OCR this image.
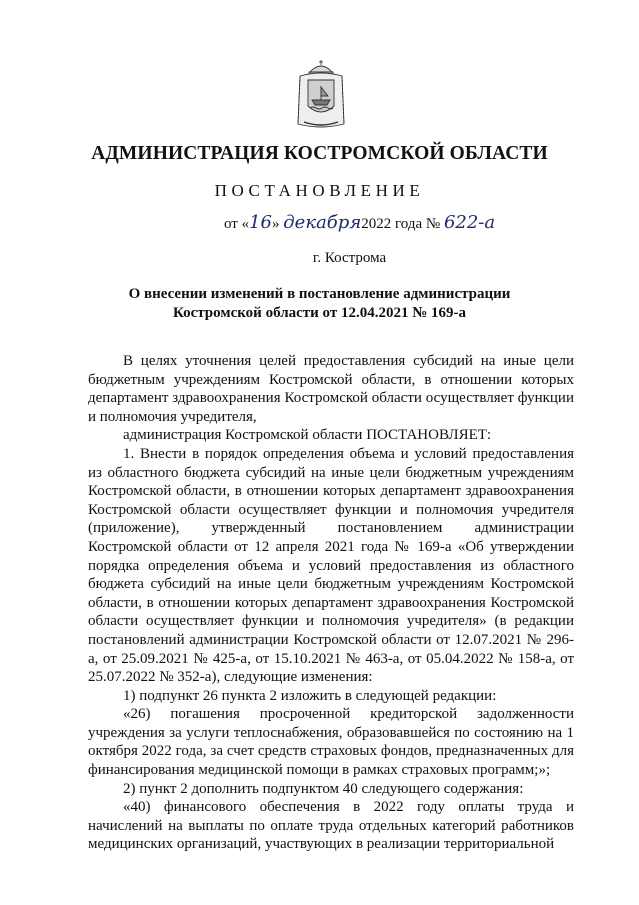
АДМИНИСТРАЦИЯ КОСТРОМСКОЙ ОБЛАСТИ
ПОСТАНОВЛЕНИЕ
от «16» декабря2022 года № 622-а
г. Кострома
О внесении изменений в постановление администрации
Костромской области от 12.04.2021 № 169-а

В целях уточнения целей предоставления субсидий на иные цели бюджетным учреждениям Костромской области, в отношении которых департамент здравоохранения Костромской области осуществляет функции и полномочия учредителя,

администрация Костромской области ПОСТАНОВЛЯЕТ:

1. Внести в порядок определения объема и условий предоставления из областного бюджета субсидий на иные цели бюджетным учреждениям Костромской области, в отношении которых департамент здравоохранения Костромской области осуществляет функции и полномочия учредителя (приложение), утвержденный постановлением администрации Костромской области от 12 апреля 2021 года № 169-а «Об утверждении порядка определения объема и условий предоставления из областного бюджета субсидий на иные цели бюджетным учреждениям Костромской области, в отношении которых департамент здравоохранения Костромской области осуществляет функции и полномочия учредителя» (в редакции постановлений администрации Костромской области от 12.07.2021 № 296-а, от 25.09.2021 № 425-а, от 15.10.2021 № 463-а, от 05.04.2022 № 158-а, от 25.07.2022 № 352-а), следующие изменения:

1) подпункт 26 пункта 2 изложить в следующей редакции:

«26) погашения просроченной кредиторской задолженности учреждения за услуги теплоснабжения, образовавшейся по состоянию на 1 октября 2022 года, за счет средств страховых фондов, предназначенных для финансирования медицинской помощи в рамках страховых программ;»;

2) пункт 2 дополнить подпунктом 40 следующего содержания:

«40) финансового обеспечения в 2022 году оплаты труда и начислений на выплаты по оплате труда отдельных категорий работников медицинских организаций, участвующих в реализации территориальной
